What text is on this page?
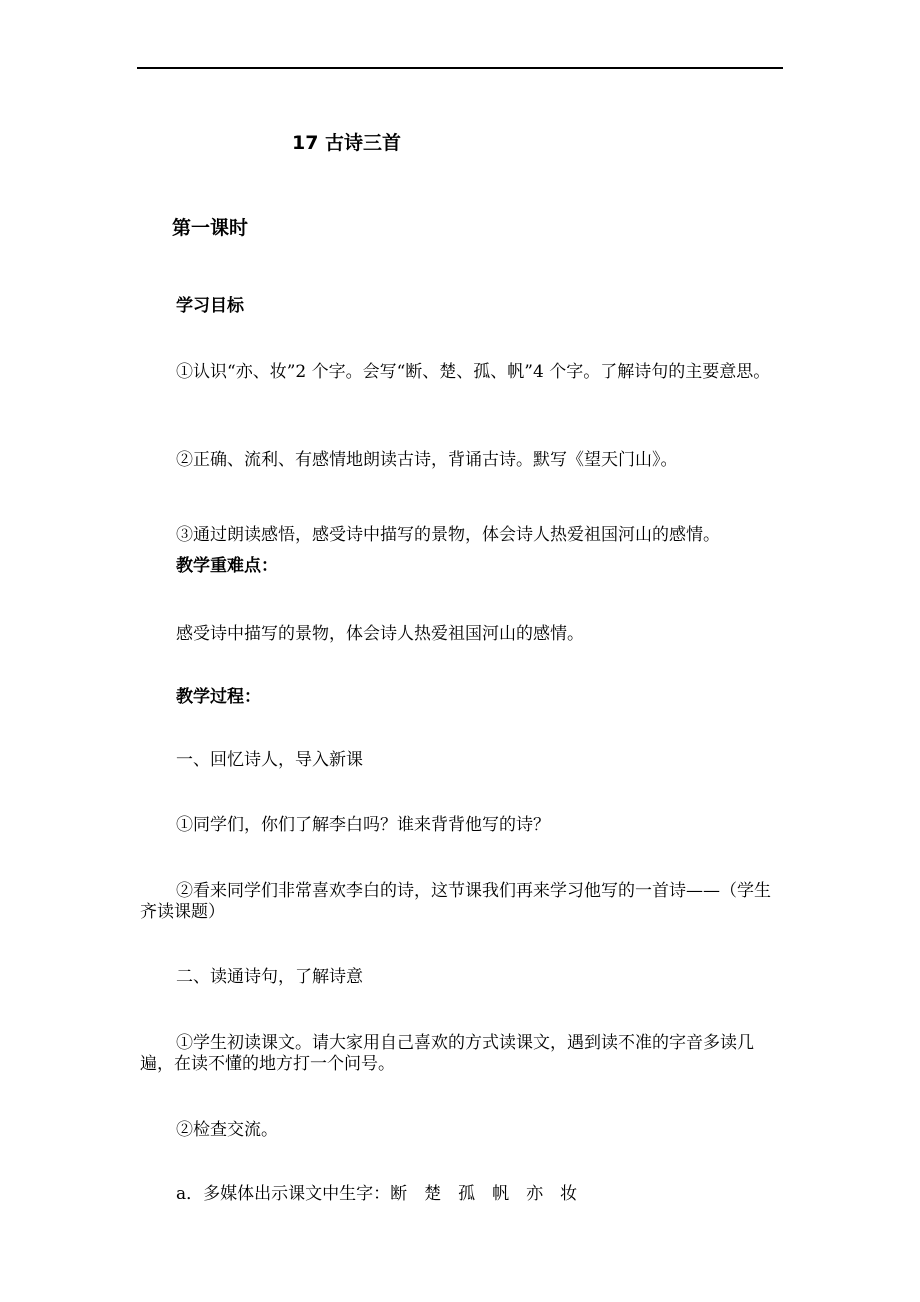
17 古诗三首
第一课时
学习目标
①认识“亦、妆”2 个字。会写“断、楚、孤、帆”4 个字。了解诗句的主要意思。
②正确、流利、有感情地朗读古诗，背诵古诗。默写《望天门山》。
③通过朗读感悟，感受诗中描写的景物，体会诗人热爱祖国河山的感情。
教学重难点：
感受诗中描写的景物，体会诗人热爱祖国河山的感情。
教学过程：
一、回忆诗人，导入新课
①同学们，你们了解李白吗？谁来背背他写的诗？
②看来同学们非常喜欢李白的诗，这节课我们再来学习他写的一首诗——（学生齐读课题）
二、读通诗句，了解诗意
①学生初读课文。请大家用自己喜欢的方式读课文，遇到读不准的字音多读几遍，在读不懂的地方打一个问号。
②检查交流。
a．多媒体出示课文中生字：断　楚　孤　帆　亦　妆
